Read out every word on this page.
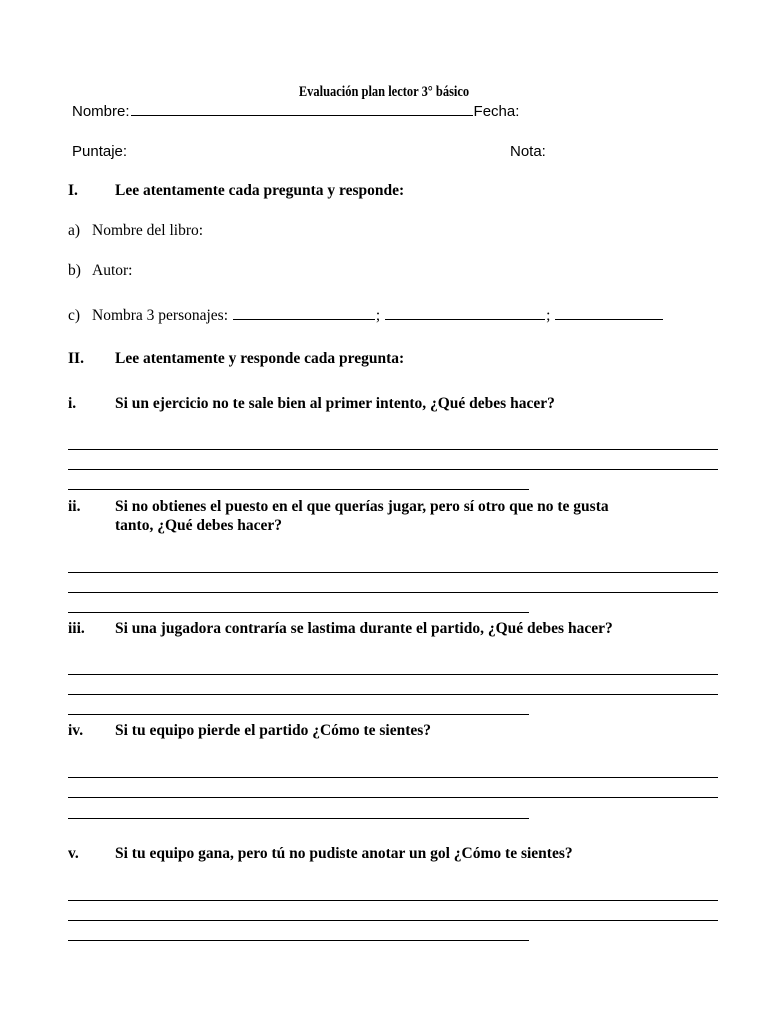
Evaluación plan lector 3° básico
Nombre:	Fecha:
Puntaje:	Nota:
I. Lee atentamente cada pregunta y responde:
a) Nombre del libro:
b) Autor:
c) Nombra 3 personajes:	;	;
II. Lee atentamente y responde cada pregunta:
i.	Si un ejercicio no te sale bien al primer intento, ¿Qué debes hacer?
ii. Si no obtienes el puesto en el que querías jugar, pero sí otro que no te gusta
tanto, ¿Qué debes hacer?
iii. Si una jugadora contraría se lastima durante el partido, ¿Qué debes hacer?
iv. Si tu equipo pierde el partido ¿Cómo te sientes?
v. Si tu equipo gana, pero tú no pudiste anotar un gol ¿Cómo te sientes?
